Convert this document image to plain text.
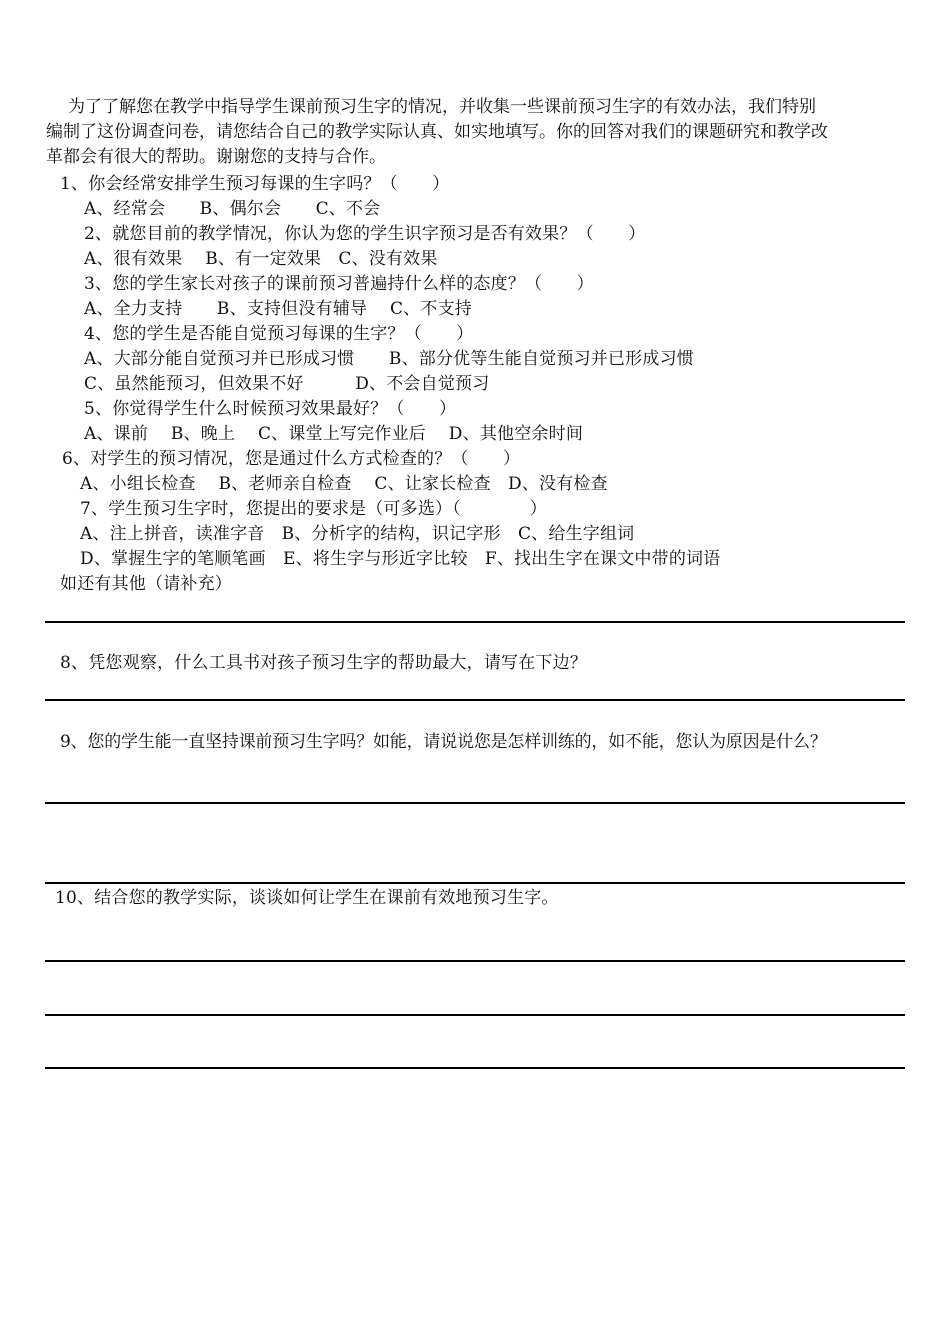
为了了解您在教学中指导学生课前预习生字的情况，并收集一些课前预习生字的有效办法，我们特别

编制了这份调查问卷，请您结合自己的教学实际认真、如实地填写。你的回答对我们的课题研究和教学改

革都会有很大的帮助。谢谢您的支持与合作。

1、你会经常安排学生预习每课的生字吗？（　　）
A、经常会　　B、偶尔会　　C、不会
2、就您目前的教学情况，你认为您的学生识字预习是否有效果？（　　）
A、很有效果　 B、有一定效果　C、没有效果
3、您的学生家长对孩子的课前预习普遍持什么样的态度？（　　）
A、全力支持　　B、支持但没有辅导　 C、不支持
4、您的学生是否能自觉预习每课的生字？（　　）
A、大部分能自觉预习并已形成习惯　　B、部分优等生能自觉预习并已形成习惯
C、虽然能预习，但效果不好　　　D、不会自觉预习
5、你觉得学生什么时候预习效果最好？（　　）
A、课前　 B、晚上　 C、课堂上写完作业后　 D、其他空余时间
6、对学生的预习情况，您是通过什么方式检查的？（　　）
A、小组长检查　 B、老师亲自检查　 C、让家长检查　D、没有检查
7、学生预习生字时，您提出的要求是（可多选）（　　　　）
A、注上拼音，读准字音　B、分析字的结构，识记字形　C、给生字组词
D、掌握生字的笔顺笔画　E、将生字与形近字比较　F、找出生字在课文中带的词语
如还有其他（请补充）
8、凭您观察，什么工具书对孩子预习生字的帮助最大，请写在下边？
9、您的学生能一直坚持课前预习生字吗？如能，请说说您是怎样训练的，如不能，您认为原因是什么？
10、结合您的教学实际，谈谈如何让学生在课前有效地预习生字。
